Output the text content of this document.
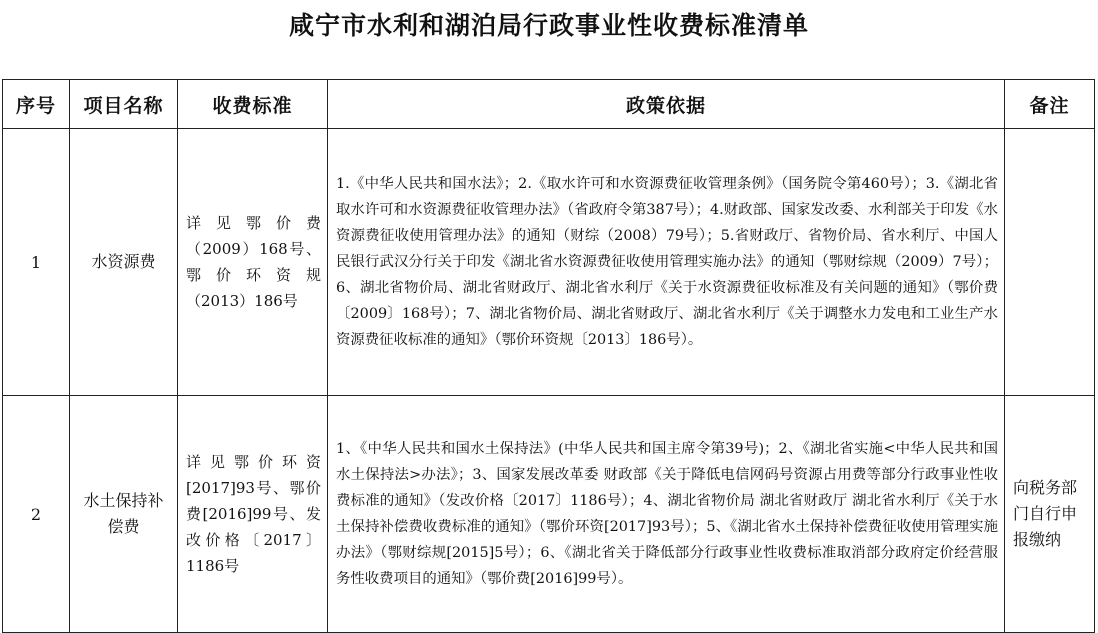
咸宁市水利和湖泊局行政事业性收费标准清单
序号	项目名称	收费标准	政策依据	备注
1	水资源费	详见鄂价费（2009）168号、鄂价环资规（2013）186号	1.《中华人民共和国水法》；2.《取水许可和水资源费征收管理条例》（国务院令第460号）；3.《湖北省取水许可和水资源费征收管理办法》（省政府令第387号）；4.财政部、国家发改委、水利部关于印发《水资源费征收使用管理办法》的通知（财综（2008）79号）；5.省财政厅、省物价局、省水利厅、中国人民银行武汉分行关于印发《湖北省水资源费征收使用管理实施办法》的通知（鄂财综规（2009）7号）； 6、湖北省物价局、湖北省财政厅、湖北省水利厅《关于水资源费征收标准及有关问题的通知》（鄂价费〔2009〕168号）；7、湖北省物价局、湖北省财政厅、湖北省水利厅《关于调整水力发电和工业生产水资源费征收标准的通知》（鄂价环资规〔2013〕186号）。	
2	水土保持补偿费	详见鄂价环资[2017]93号、鄂价费[2016]99号、发改价格〔2017〕1186号	1、《中华人民共和国水土保持法》(中华人民共和国主席令第39号)；2、《湖北省实施<中华人民共和国水土保持法>办法》；3、国家发展改革委 财政部《关于降低电信网码号资源占用费等部分行政事业性收费标准的通知》（发改价格〔2017〕1186号）；4、湖北省物价局 湖北省财政厅 湖北省水利厅《关于水土保持补偿费收费标准的通知》（鄂价环资[2017]93号）；5、《湖北省水土保持补偿费征收使用管理实施办法》（鄂财综规[2015]5号）；6、《湖北省关于降低部分行政事业性收费标准取消部分政府定价经营服务性收费项目的通知》（鄂价费[2016]99号）。	向税务部门自行申报缴纳
